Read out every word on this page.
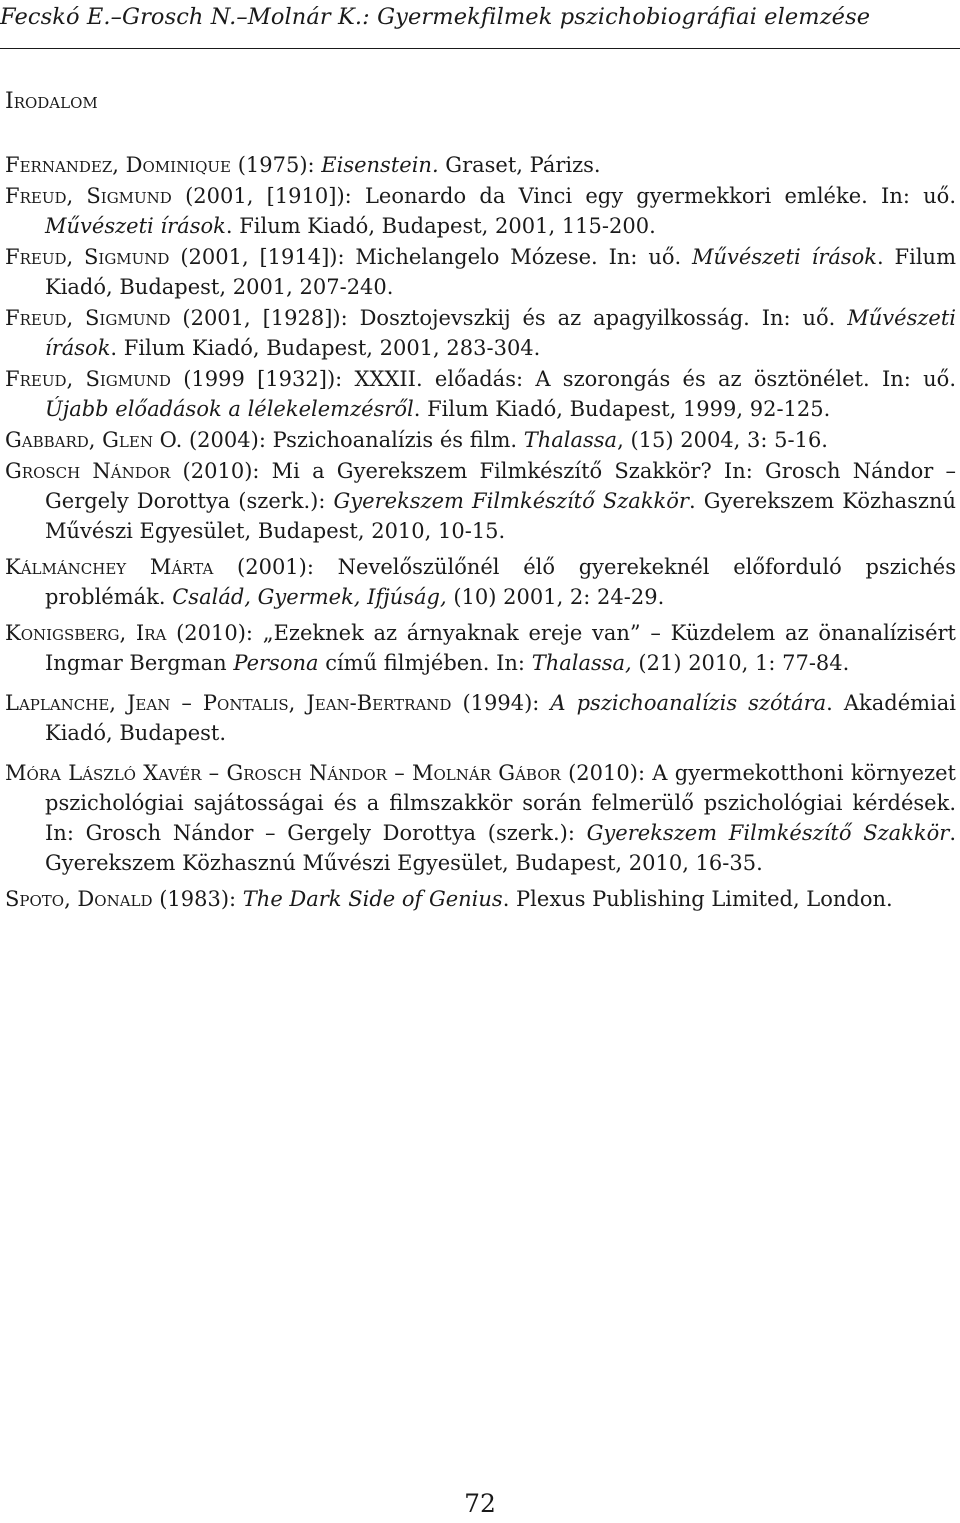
Fecskó E.–Grosch N.–Molnár K.: Gyermekfilmek pszichobiográfiai elemzése
Irodalom
Fernandez, Dominique (1975): Eisenstein. Graset, Párizs.
Freud, Sigmund (2001, [1910]): Leonardo da Vinci egy gyermekkori emléke. In: uő. Művészeti írások. Filum Kiadó, Budapest, 2001, 115-200.
Freud, Sigmund (2001, [1914]): Michelangelo Mózese. In: uő. Művészeti írások. Filum Kiadó, Budapest, 2001, 207-240.
Freud, Sigmund (2001, [1928]): Dosztojevszkij és az apagyilkosság. In: uő. Művészeti írások. Filum Kiadó, Budapest, 2001, 283-304.
Freud, Sigmund (1999 [1932]): XXXII. előadás: A szorongás és az ösztönélet. In: uő. Újabb előadások a lélekelemzésről. Filum Kiadó, Budapest, 1999, 92-125.
Gabbard, Glen O. (2004): Pszichoanalízis és film. Thalassa, (15) 2004, 3: 5-16.
Grosch Nándor (2010): Mi a Gyerekszem Filmkészítő Szakkör? In: Grosch Nándor – Gergely Dorottya (szerk.): Gyerekszem Filmkészítő Szakkör. Gyerekszem Közhasznú Művészi Egyesület, Budapest, 2010, 10-15.
Kálmánchey Márta (2001): Nevelőszülőnél élő gyerekeknél előforduló pszichés problémák. Család, Gyermek, Ifjúság, (10) 2001, 2: 24-29.
Konigsberg, Ira (2010): „Ezeknek az árnyaknak ereje van” – Küzdelem az önanalízisért Ingmar Bergman Persona című filmjében. In: Thalassa, (21) 2010, 1: 77-84.
Laplanche, Jean – Pontalis, Jean-Bertrand (1994): A pszichoanalízis szótára. Akadémiai Kiadó, Budapest.
Móra László Xavér – Grosch Nándor – Molnár Gábor (2010): A gyermekotthoni környezet pszichológiai sajátosságai és a filmszakkör során felmerülő pszichológiai kérdések. In: Grosch Nándor – Gergely Dorottya (szerk.): Gyerekszem Filmkészítő Szakkör. Gyerekszem Közhasznú Művészi Egyesület, Budapest, 2010, 16-35.
Spoto, Donald (1983): The Dark Side of Genius. Plexus Publishing Limited, London.
72
